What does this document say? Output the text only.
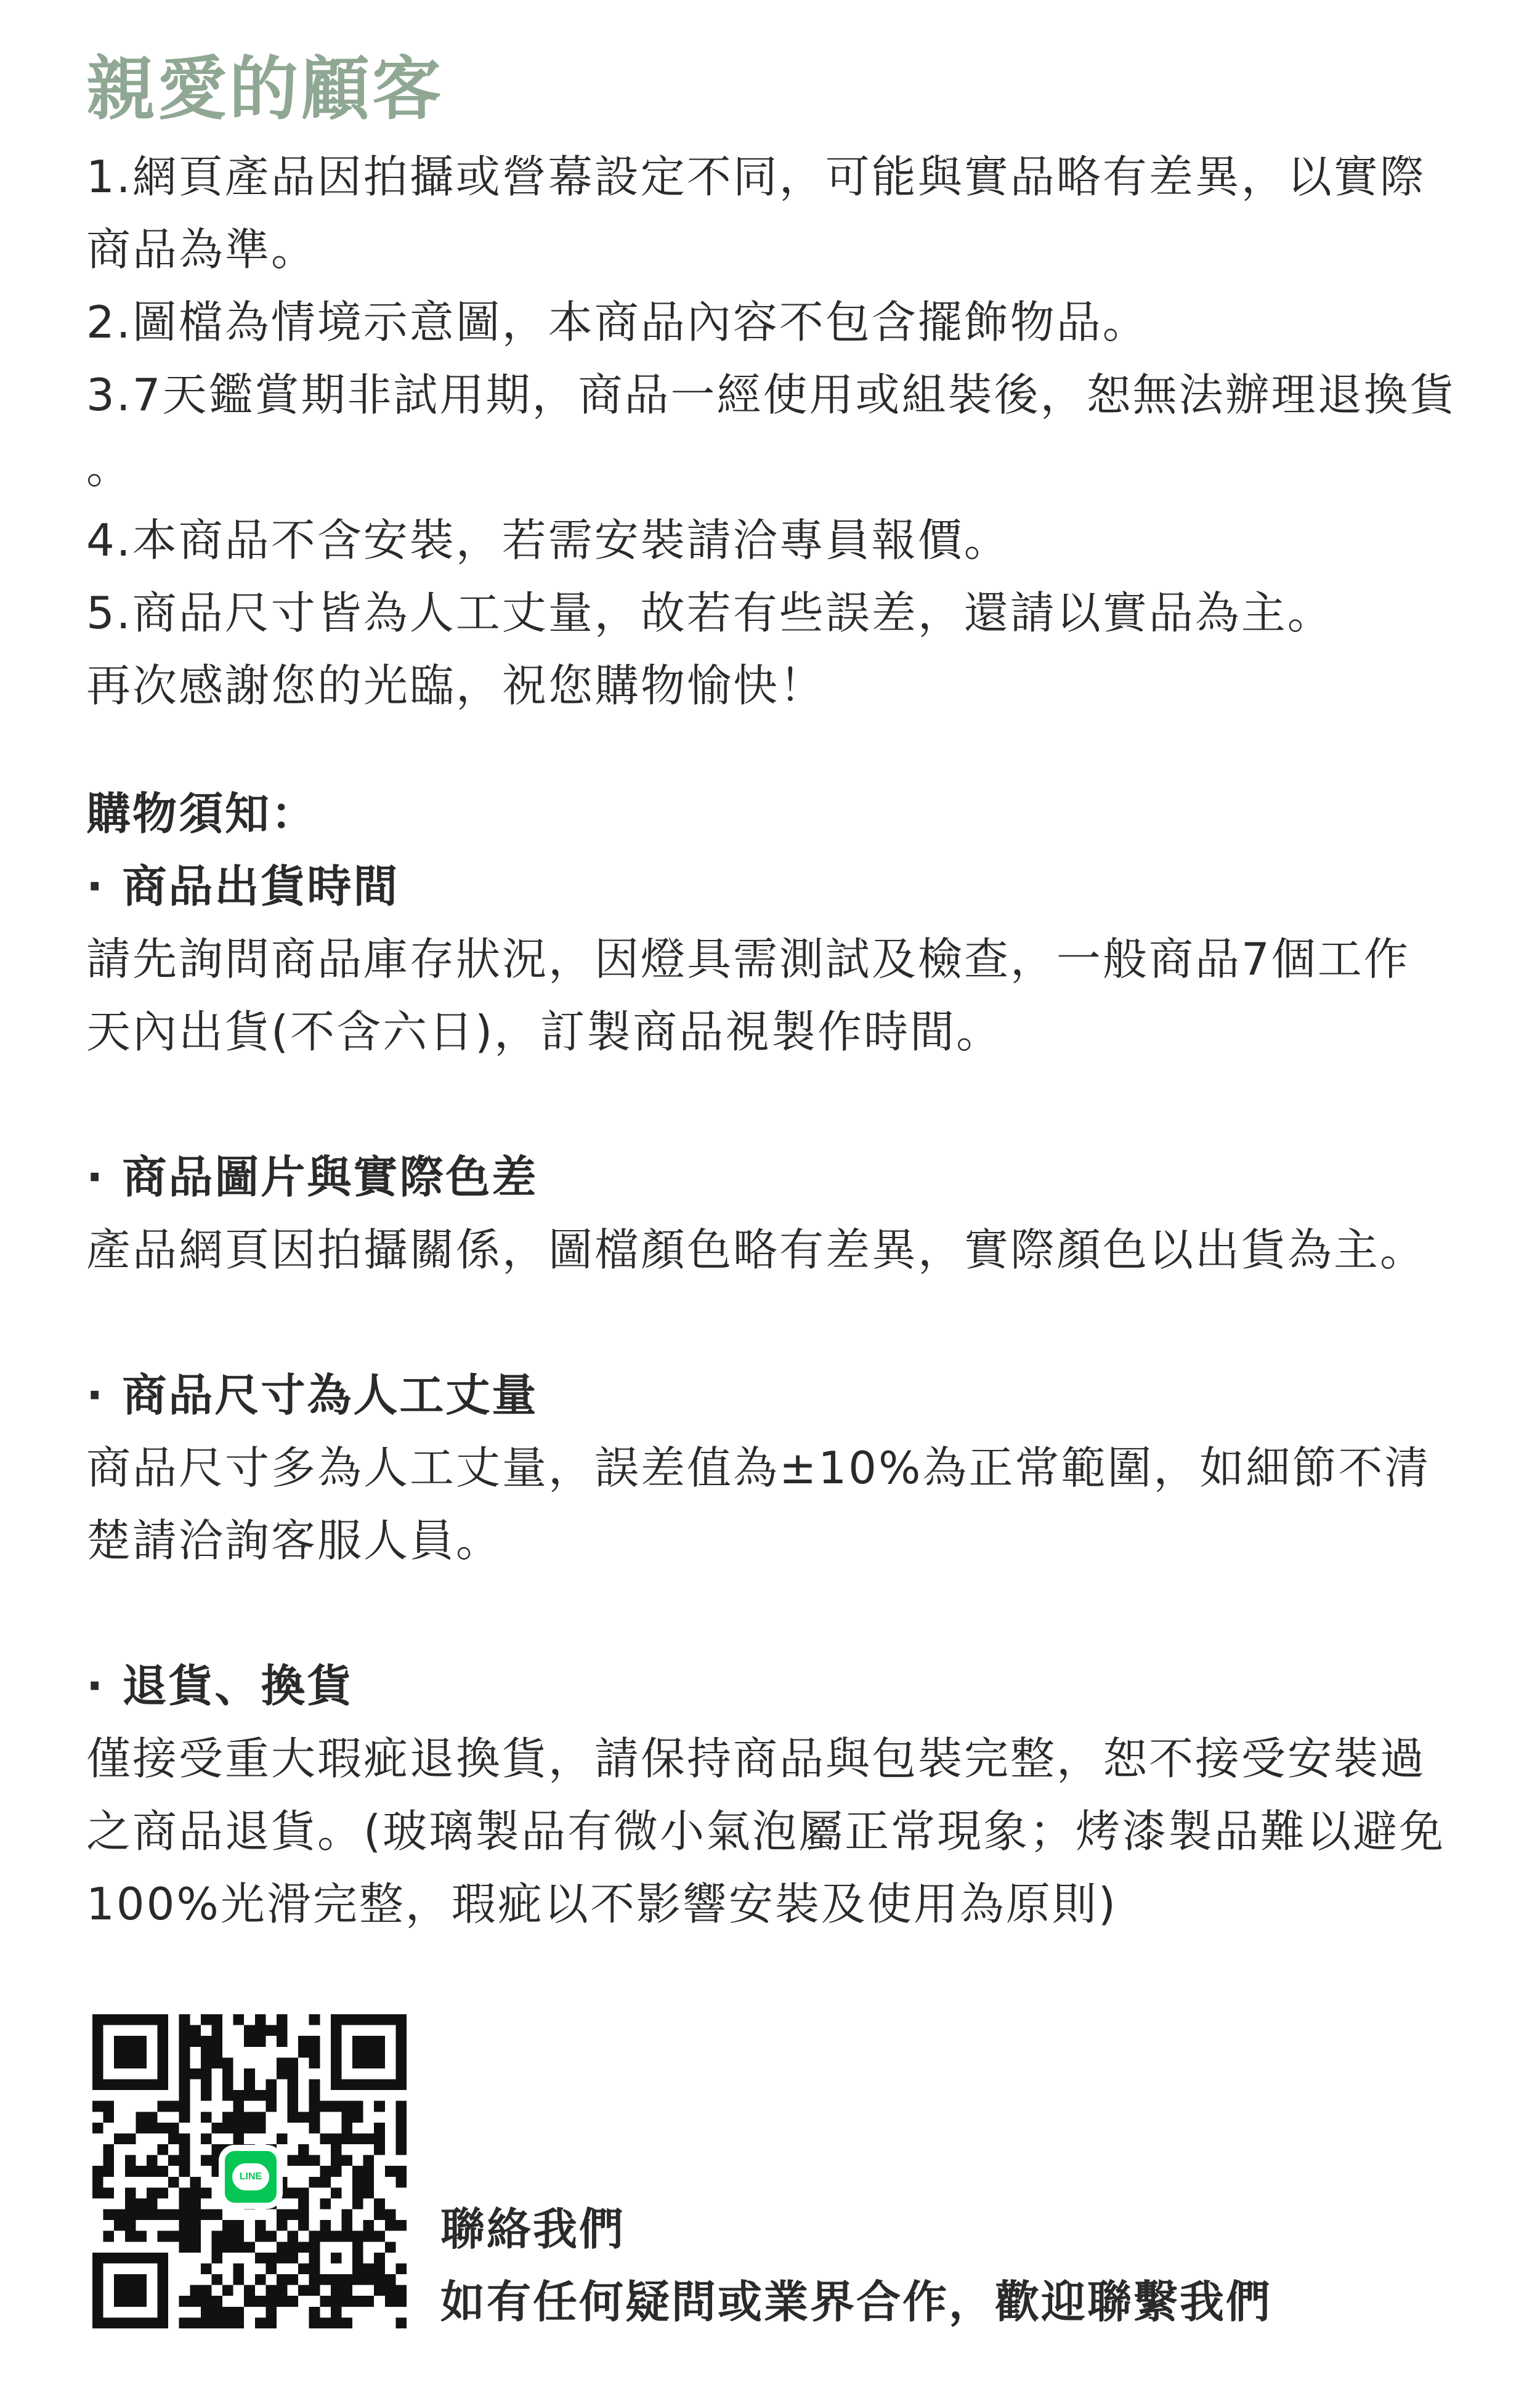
親愛的顧客

1.網頁產品因拍攝或營幕設定不同，可能與實品略有差異，以實際

商品為準。

2.圖檔為情境示意圖，本商品內容不包含擺飾物品。

3.7天鑑賞期非試用期，商品一經使用或組裝後，恕無法辦理退換貨

。

4.本商品不含安裝，若需安裝請洽專員報價。

5.商品尺寸皆為人工丈量，故若有些誤差，還請以實品為主。

再次感謝您的光臨，祝您購物愉快！

購物須知：

· 商品出貨時間

請先詢問商品庫存狀況，因燈具需測試及檢查，一般商品7個工作

天內出貨(不含六日)，訂製商品視製作時間。

· 商品圖片與實際色差

產品網頁因拍攝關係，圖檔顏色略有差異，實際顏色以出貨為主。

· 商品尺寸為人工丈量

商品尺寸多為人工丈量，誤差值為±10%為正常範圍，如細節不清

楚請洽詢客服人員。

· 退貨、換貨

僅接受重大瑕疵退換貨，請保持商品與包裝完整，恕不接受安裝過

之商品退貨。(玻璃製品有微小氣泡屬正常現象；烤漆製品難以避免

100%光滑完整，瑕疵以不影響安裝及使用為原則)

LINE

聯絡我們

如有任何疑問或業界合作，歡迎聯繫我們
